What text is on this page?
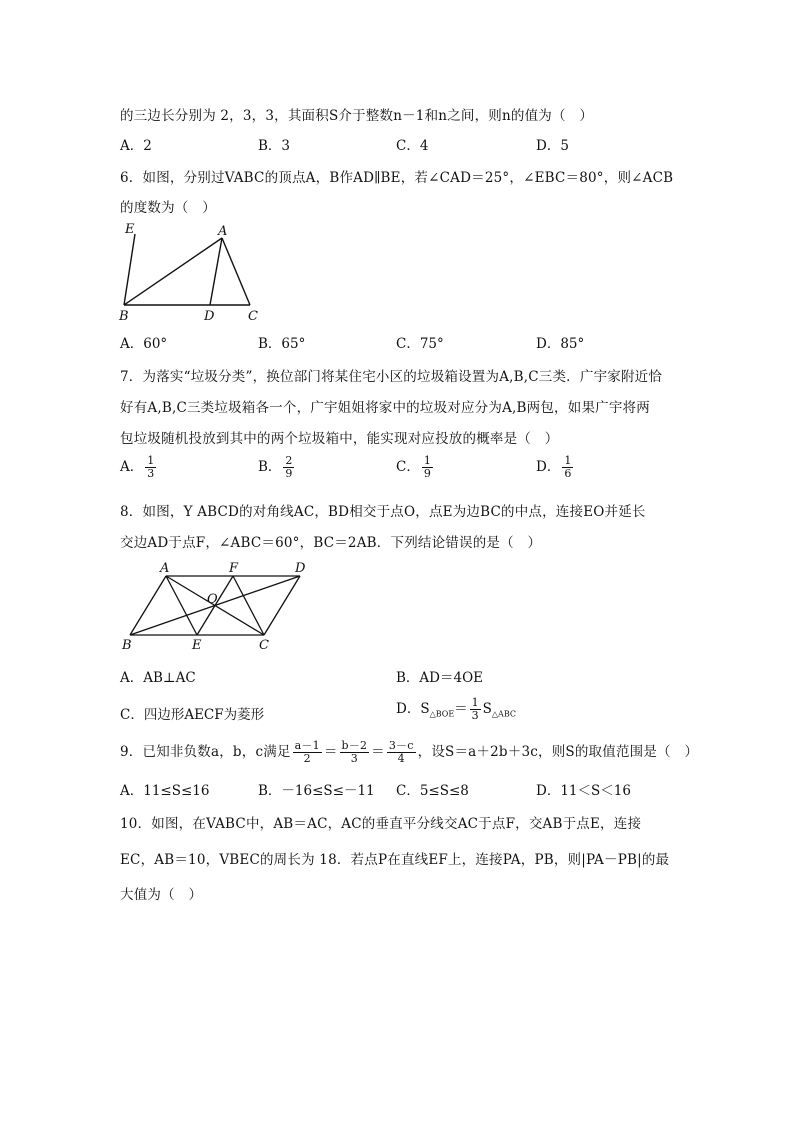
的三边长分别为 2，3，3，其面积S介于整数n－1和n之间，则n的值为（　）
A．2	B．3	C．4	D．5
6．如图，分别过VABC的顶点A，B作AD∥BE，若∠CAD＝25°，∠EBC＝80°，则∠ACB
的度数为（　）
E	A
B	D	C
A．60°	B．65°	C．75°	D．85°
7．为落实“垃圾分类”，换位部门将某住宅小区的垃圾箱设置为A,B,C三类．广宇家附近恰
好有A,B,C三类垃圾箱各一个，广宇姐姐将家中的垃圾对应分为A,B两包，如果广宇将两
包垃圾随机投放到其中的两个垃圾箱中，能实现对应投放的概率是（　）
A． $\frac{1}{3}$	B． $\frac{2}{9}$	C． $\frac{1}{9}$	D． $\frac{1}{6}$
8．如图，Y ABCD的对角线AC，BD相交于点O，点E为边BC的中点，连接EO并延长
交边AD于点F，∠ABC＝60°，BC＝2AB．下列结论错误的是（　）
A	F	D
O
B	E	C
A．AB⊥AC	B．AD＝4OE
C．四边形AECF为菱形	D．$S_{\triangle BOE}= \frac{1}{3} S_{\triangle ABC}$
9．已知非负数a，b，c满足 $\frac{a-1}{2} = \frac{b-2}{3} = \frac{3-c}{4}$ ，设S＝a＋2b＋3c，则S的取值范围是（　）
A．11≤S≤16	B．－16≤S≤－11 C．5≤S≤8	D．11＜S＜16
10．如图，在VABC中，AB＝AC，AC的垂直平分线交AC于点F，交AB于点E，连接
EC，AB＝10，VBEC的周长为 18．若点P在直线EF上，连接PA，PB，则|PA－PB|的最
大值为（　）
